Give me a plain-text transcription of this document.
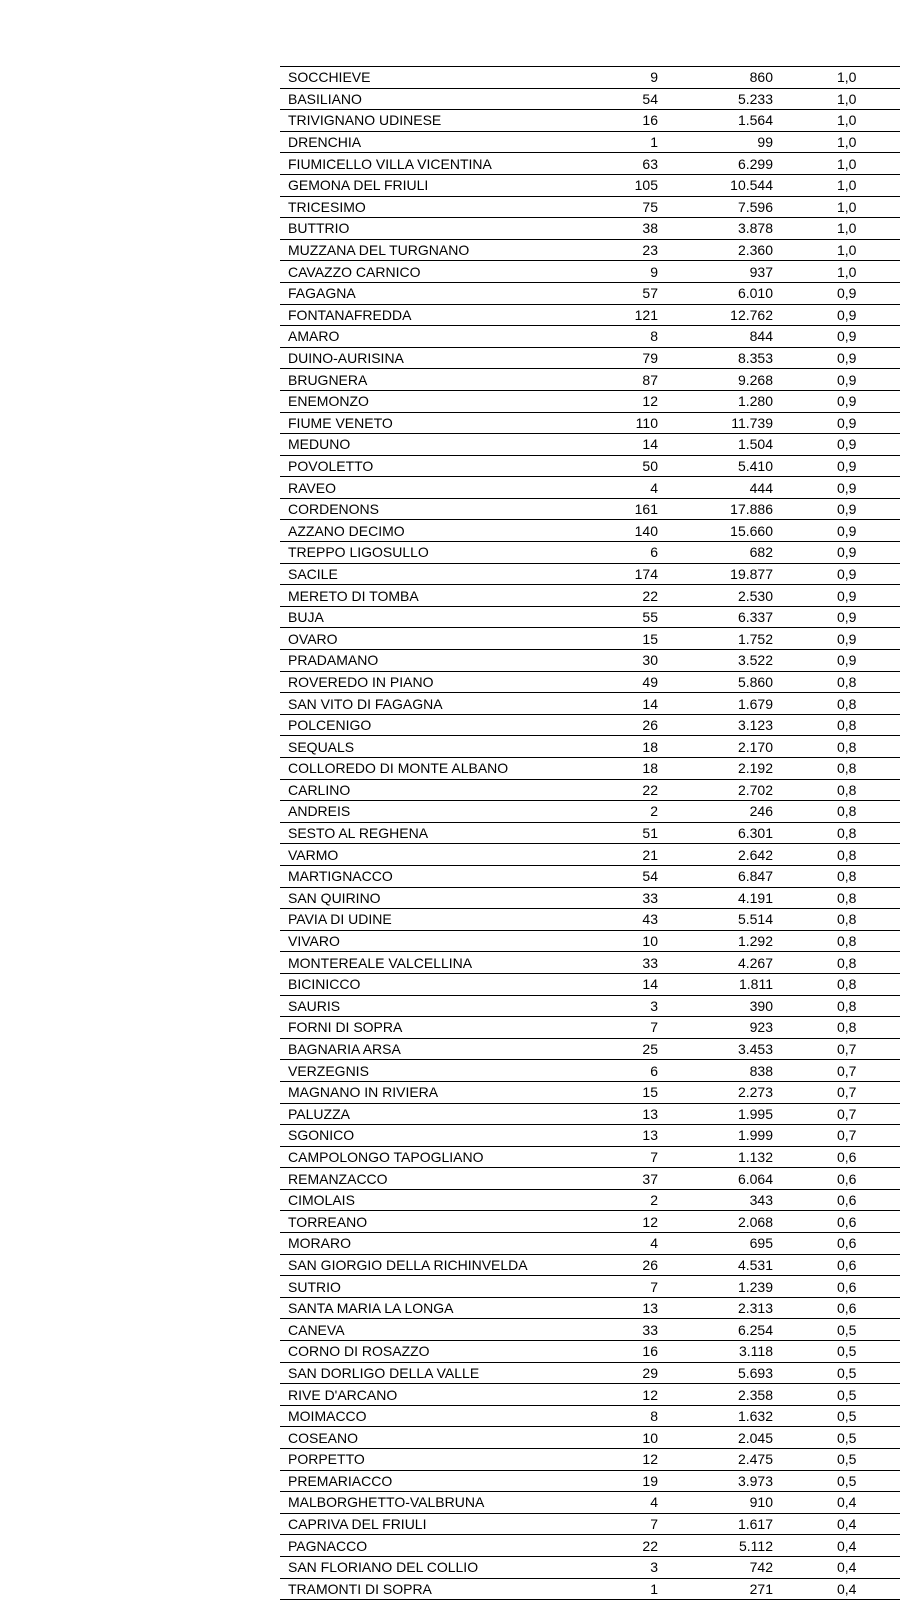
SOCCHIEVE	9	860	1,0
BASILIANO	54	5.233	1,0
TRIVIGNANO UDINESE	16	1.564	1,0
DRENCHIA	1	99	1,0
FIUMICELLO VILLA VICENTINA	63	6.299	1,0
GEMONA DEL FRIULI	105	10.544	1,0
TRICESIMO	75	7.596	1,0
BUTTRIO	38	3.878	1,0
MUZZANA DEL TURGNANO	23	2.360	1,0
CAVAZZO CARNICO	9	937	1,0
FAGAGNA	57	6.010	0,9
FONTANAFREDDA	121	12.762	0,9
AMARO	8	844	0,9
DUINO-AURISINA	79	8.353	0,9
BRUGNERA	87	9.268	0,9
ENEMONZO	12	1.280	0,9
FIUME VENETO	110	11.739	0,9
MEDUNO	14	1.504	0,9
POVOLETTO	50	5.410	0,9
RAVEO	4	444	0,9
CORDENONS	161	17.886	0,9
AZZANO DECIMO	140	15.660	0,9
TREPPO LIGOSULLO	6	682	0,9
SACILE	174	19.877	0,9
MERETO DI TOMBA	22	2.530	0,9
BUJA	55	6.337	0,9
OVARO	15	1.752	0,9
PRADAMANO	30	3.522	0,9
ROVEREDO IN PIANO	49	5.860	0,8
SAN VITO DI FAGAGNA	14	1.679	0,8
POLCENIGO	26	3.123	0,8
SEQUALS	18	2.170	0,8
COLLOREDO DI MONTE ALBANO	18	2.192	0,8
CARLINO	22	2.702	0,8
ANDREIS	2	246	0,8
SESTO AL REGHENA	51	6.301	0,8
VARMO	21	2.642	0,8
MARTIGNACCO	54	6.847	0,8
SAN QUIRINO	33	4.191	0,8
PAVIA DI UDINE	43	5.514	0,8
VIVARO	10	1.292	0,8
MONTEREALE VALCELLINA	33	4.267	0,8
BICINICCO	14	1.811	0,8
SAURIS	3	390	0,8
FORNI DI SOPRA	7	923	0,8
BAGNARIA ARSA	25	3.453	0,7
VERZEGNIS	6	838	0,7
MAGNANO IN RIVIERA	15	2.273	0,7
PALUZZA	13	1.995	0,7
SGONICO	13	1.999	0,7
CAMPOLONGO TAPOGLIANO	7	1.132	0,6
REMANZACCO	37	6.064	0,6
CIMOLAIS	2	343	0,6
TORREANO	12	2.068	0,6
MORARO	4	695	0,6
SAN GIORGIO DELLA RICHINVELDA	26	4.531	0,6
SUTRIO	7	1.239	0,6
SANTA MARIA LA LONGA	13	2.313	0,6
CANEVA	33	6.254	0,5
CORNO DI ROSAZZO	16	3.118	0,5
SAN DORLIGO DELLA VALLE	29	5.693	0,5
RIVE D'ARCANO	12	2.358	0,5
MOIMACCO	8	1.632	0,5
COSEANO	10	2.045	0,5
PORPETTO	12	2.475	0,5
PREMARIACCO	19	3.973	0,5
MALBORGHETTO-VALBRUNA	4	910	0,4
CAPRIVA DEL FRIULI	7	1.617	0,4
PAGNACCO	22	5.112	0,4
SAN FLORIANO DEL COLLIO	3	742	0,4
TRAMONTI DI SOPRA	1	271	0,4
